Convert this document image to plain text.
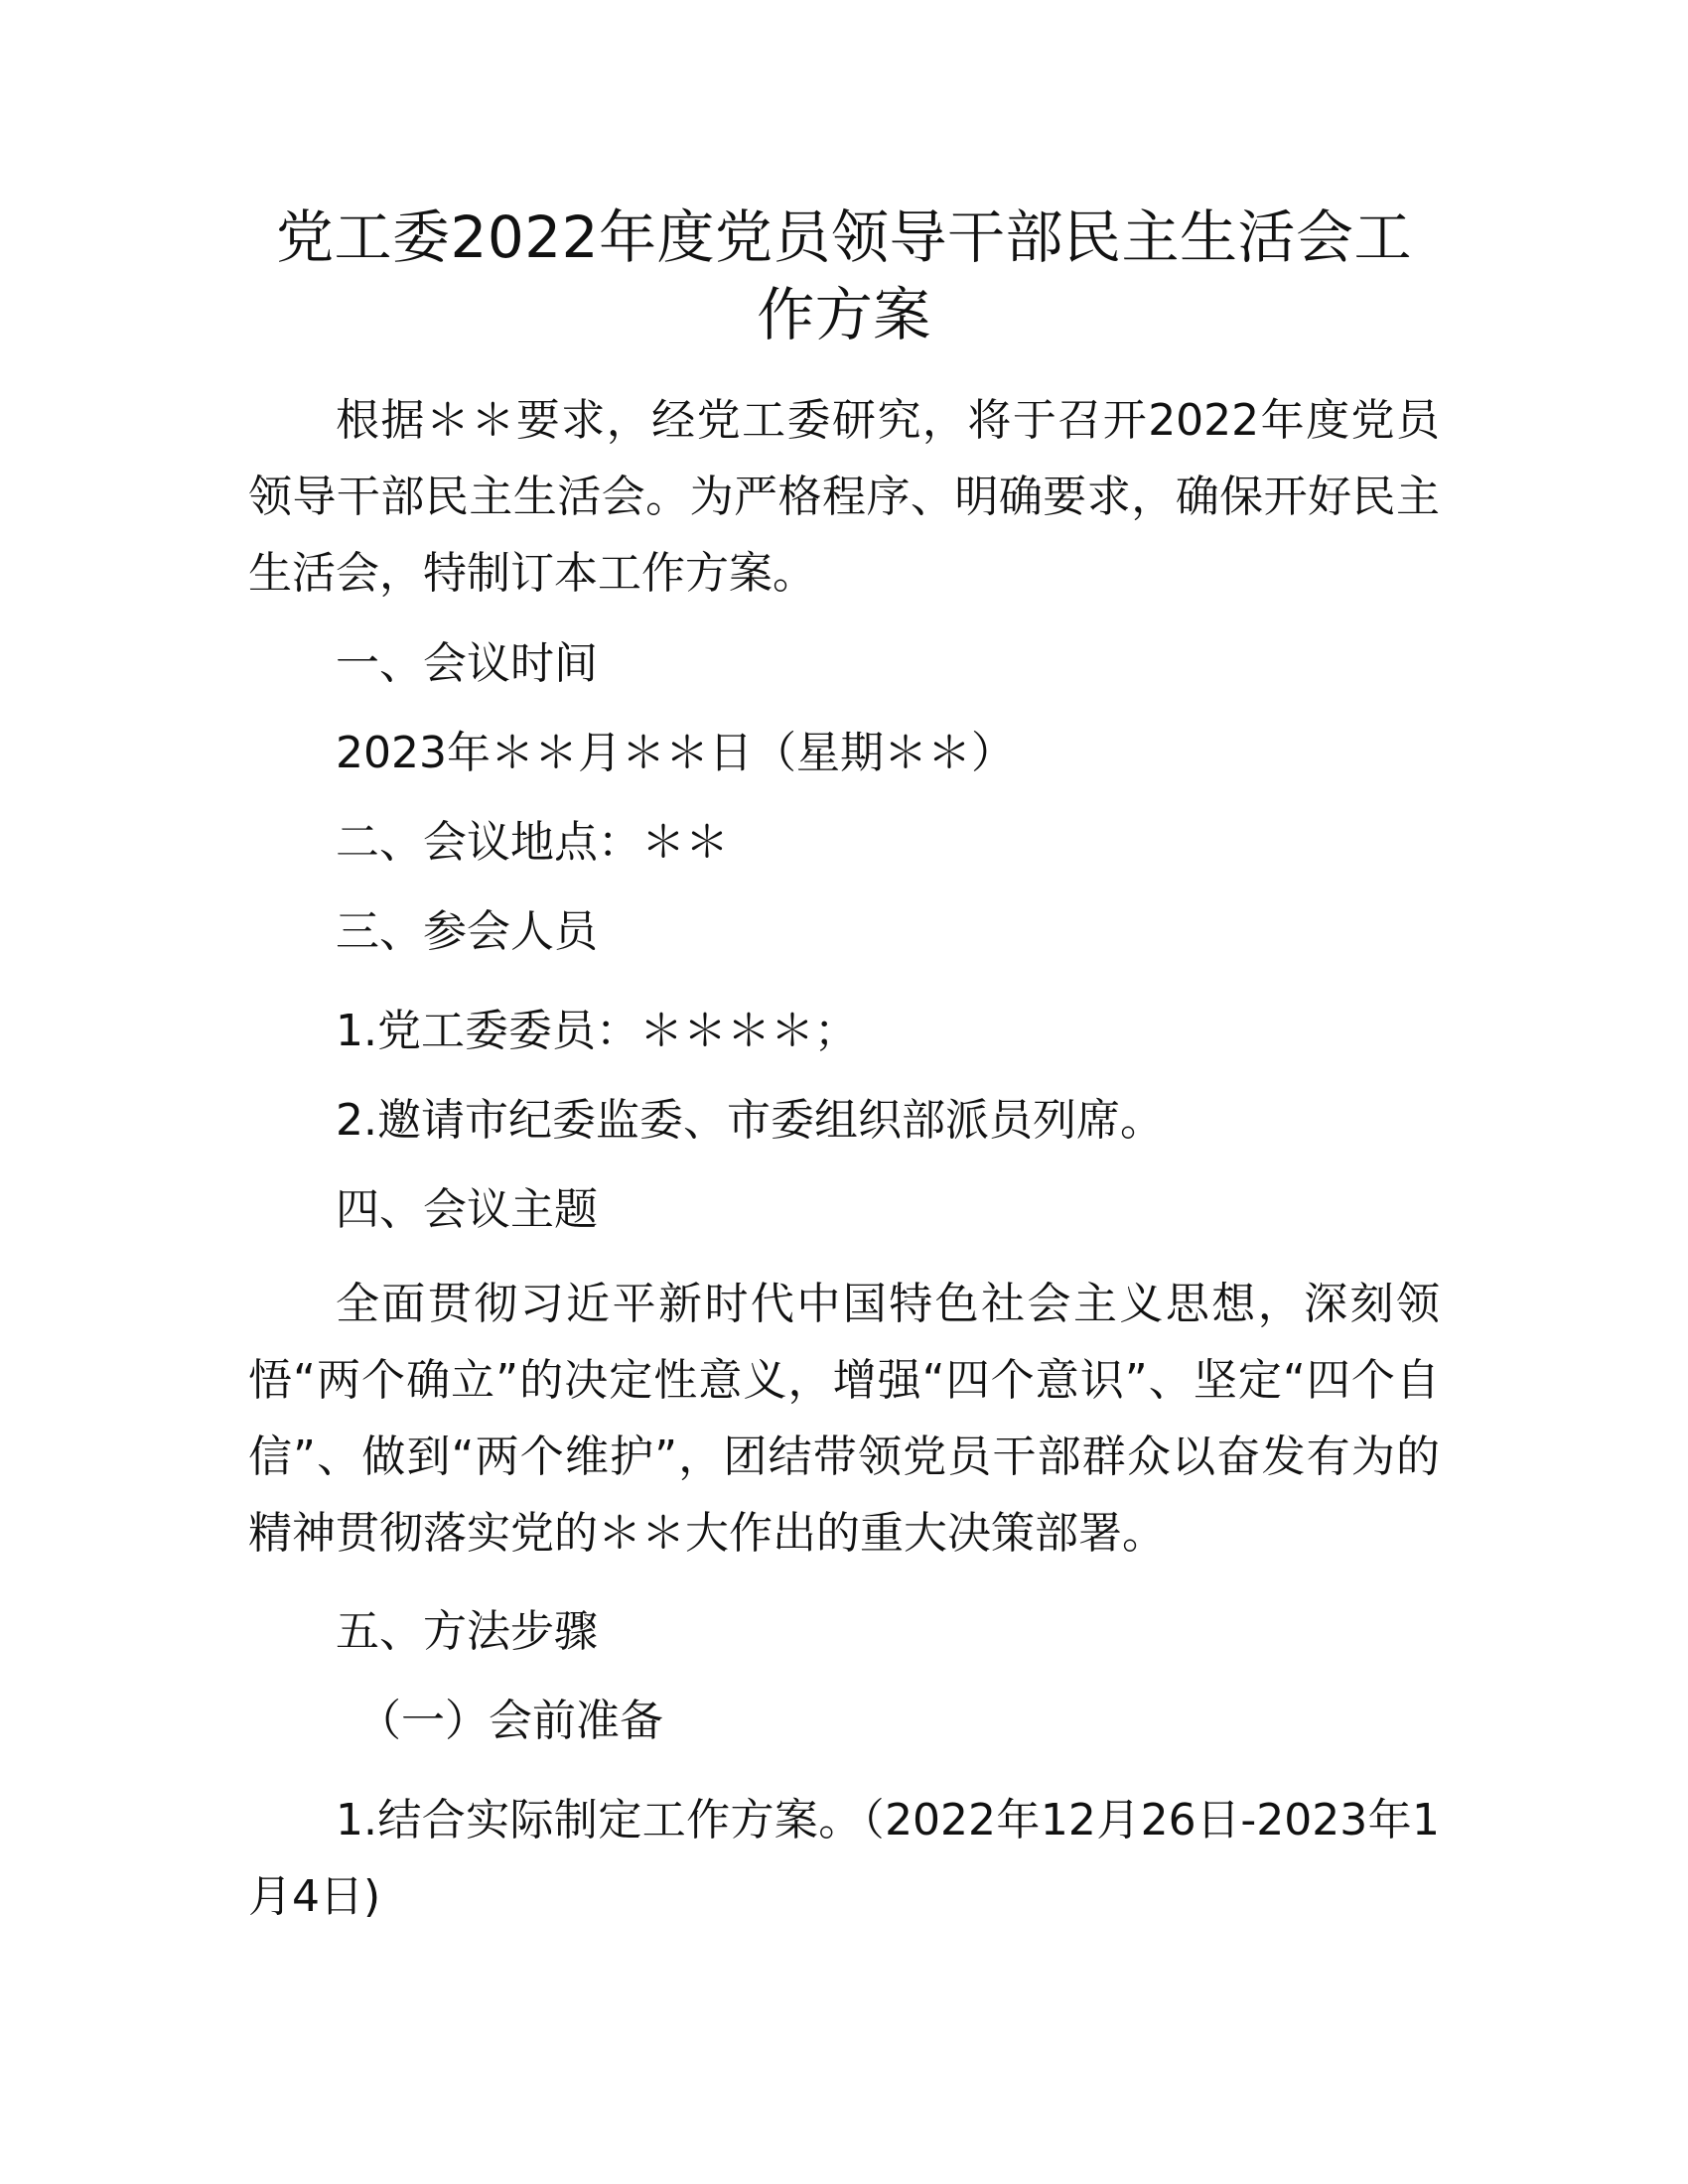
党工委2022年度党员领导干部民主生活会工作方案

根据＊＊要求，经党工委研究，将于召开2022年度党员领导干部民主生活会。为严格程序、明确要求，确保开好民主生活会，特制订本工作方案。

一、会议时间

2023年＊＊月＊＊日（星期＊＊）

二、会议地点：＊＊

三、参会人员

1.党工委委员：＊＊＊＊；

2.邀请市纪委监委、市委组织部派员列席。

四、会议主题

全面贯彻习近平新时代中国特色社会主义思想，深刻领悟“两个确立”的决定性意义，增强“四个意识”、坚定“四个自信”、做到“两个维护”，团结带领党员干部群众以奋发有为的精神贯彻落实党的＊＊大作出的重大决策部署。

五、方法步骤

（一）会前准备

1.结合实际制定工作方案。（2022年12月26日-2023年1月4日)
